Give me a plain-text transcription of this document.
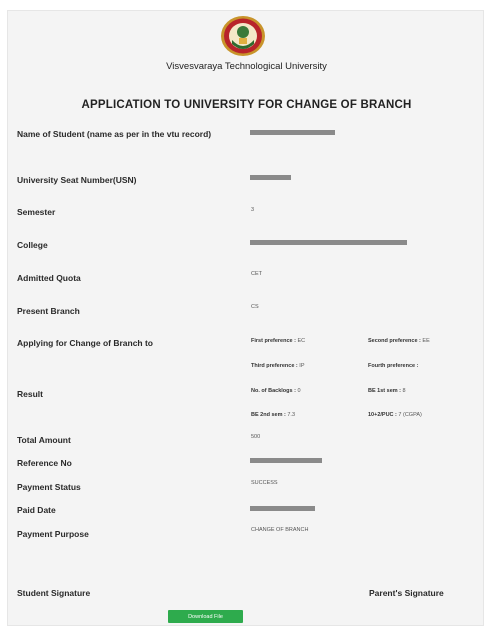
Visvesvaraya Technological University
APPLICATION TO UNIVERSITY FOR CHANGE OF BRANCH
Name of Student (name as per in the vtu record)
University Seat Number(USN)
Semester	3
College
Admitted Quota	CET
Present Branch	CS
Applying for Change of Branch to	First preference : EC	Second preference : EE
Third preference : IP	Fourth preference :
Result	No. of Backlogs : 0	BE 1st sem : 8
BE 2nd sem : 7.3	10+2/PUC : 7 (CGPA)
Total Amount	500
Reference No
Payment Status	SUCCESS
Paid Date
Payment Purpose	CHANGE OF BRANCH
Student Signature	Parent's Signature
Download File
